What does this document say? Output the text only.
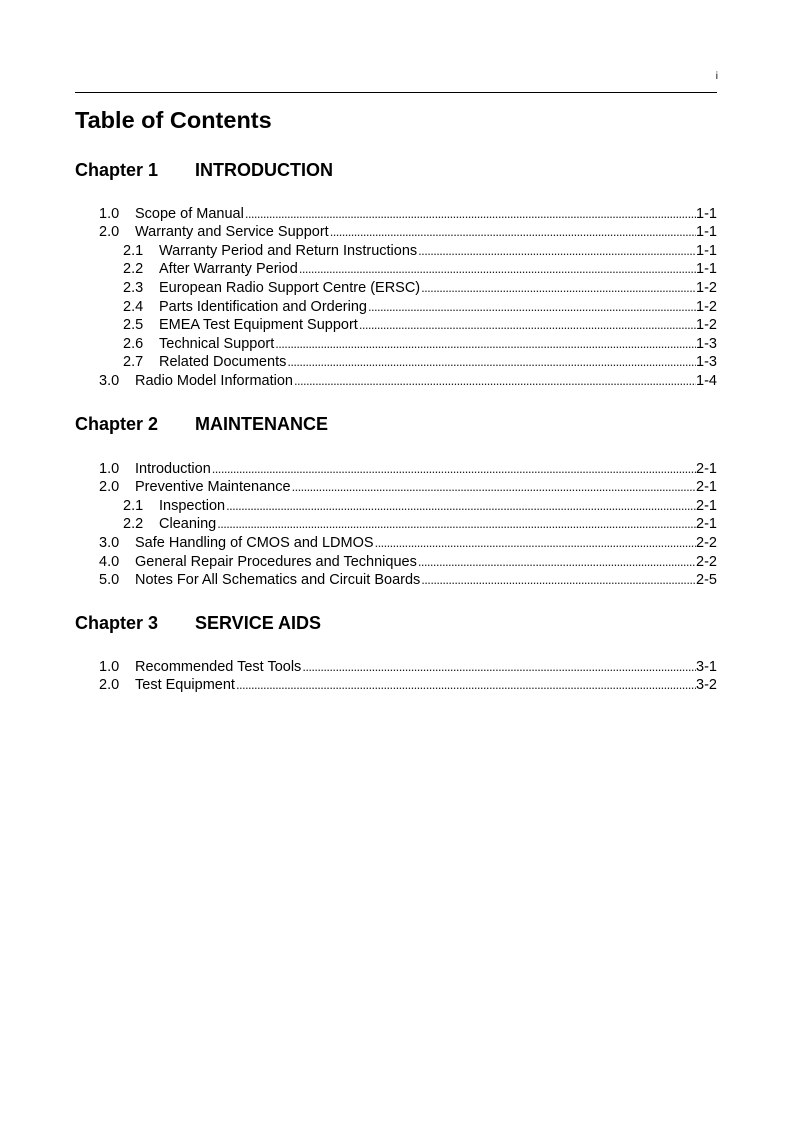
i
Table of Contents
Chapter 1 INTRODUCTION
1.0	Scope of Manual .....	1-1
2.0	Warranty and Service Support .....	1-1
2.1	Warranty Period and Return Instructions .....	1-1
2.2	After Warranty Period .....	1-1
2.3	European Radio Support Centre (ERSC) .....	1-2
2.4	Parts Identification and Ordering .....	1-2
2.5	EMEA Test Equipment Support .....	1-2
2.6	Technical Support .....	1-3
2.7	Related Documents .....	1-3
3.0	Radio Model Information .....	1-4
Chapter 2 MAINTENANCE
1.0	Introduction .....	2-1
2.0	Preventive Maintenance .....	2-1
2.1	Inspection .....	2-1
2.2	Cleaning .....	2-1
3.0	Safe Handling of CMOS and LDMOS .....	2-2
4.0	General Repair Procedures and Techniques .....	2-2
5.0	Notes For All Schematics and Circuit Boards .....	2-5
Chapter 3 SERVICE AIDS
1.0	Recommended Test Tools .....	3-1
2.0	Test Equipment .....	3-2
